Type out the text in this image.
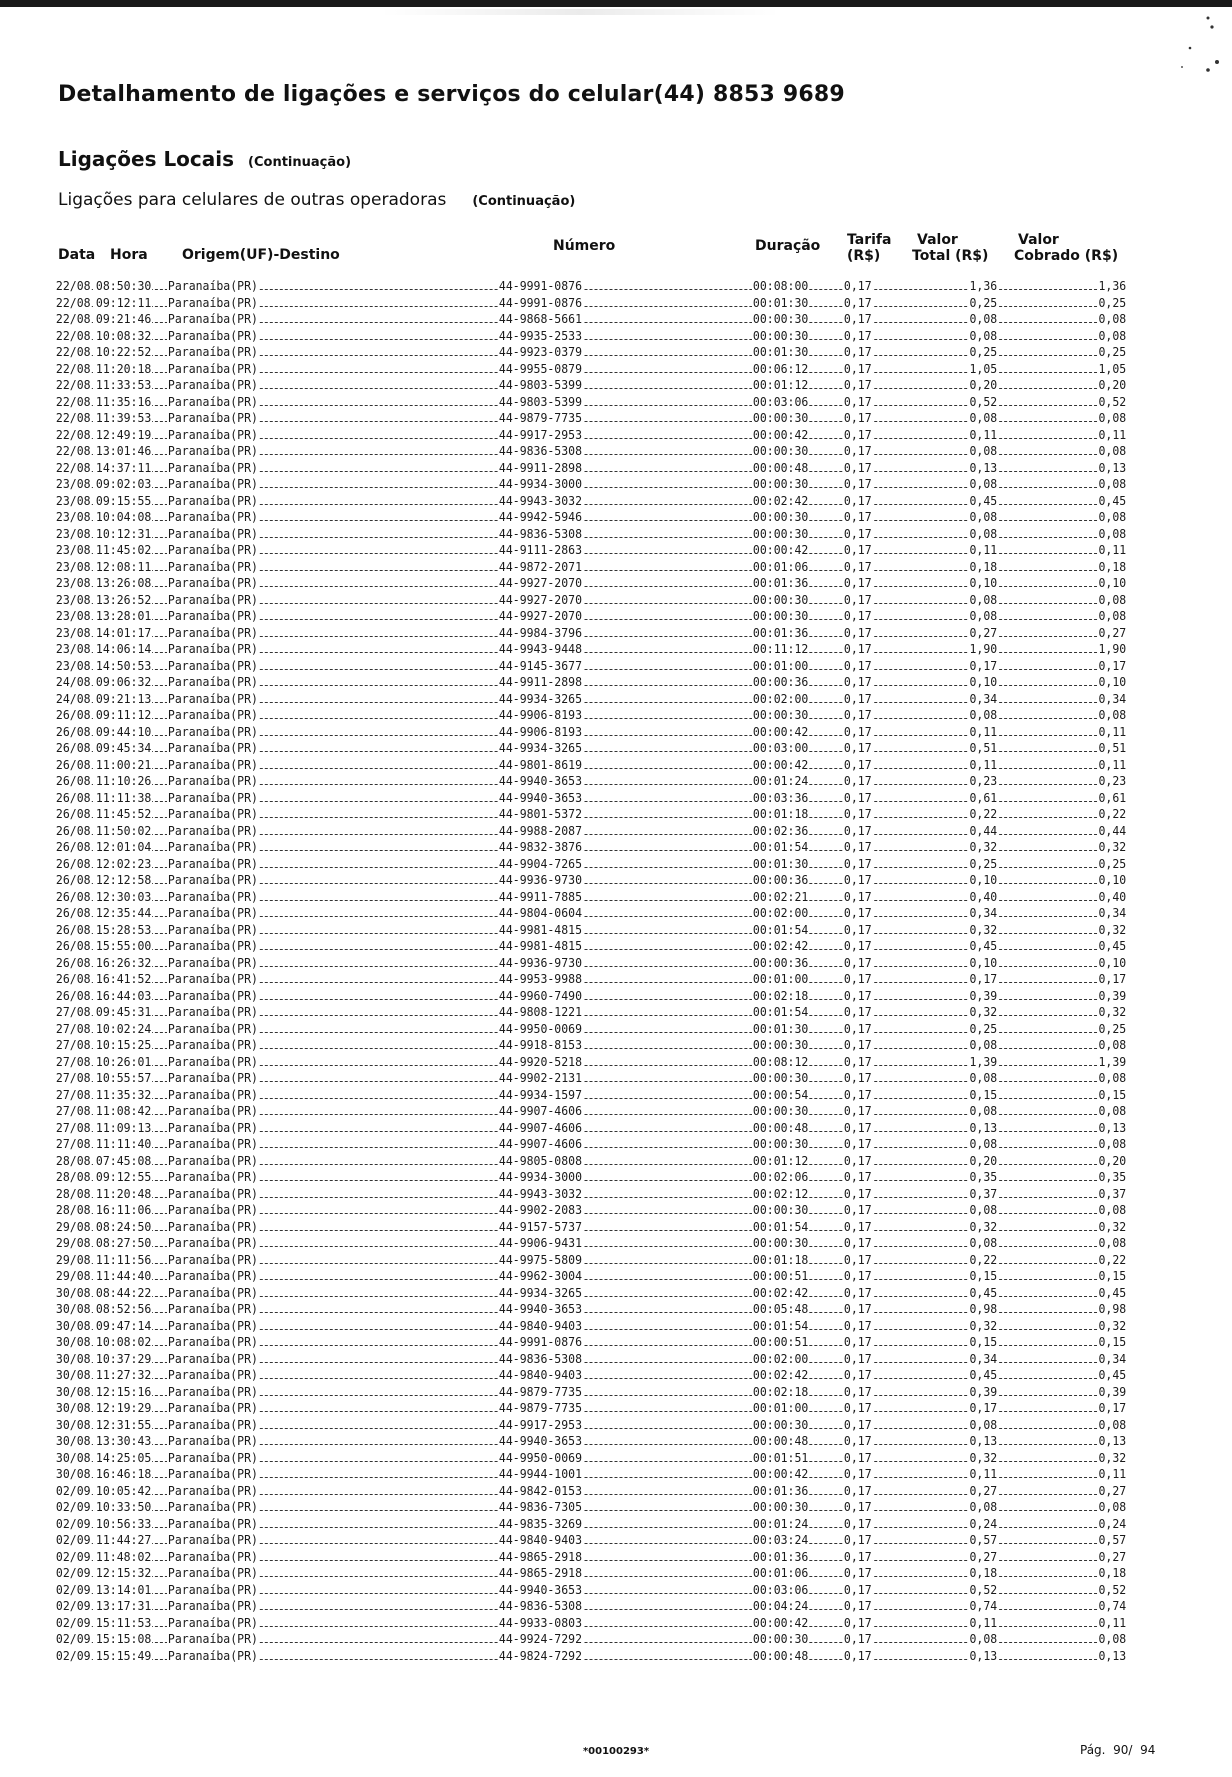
Detalhamento de ligações e serviços do celular(44) 8853 9689
Ligações Locais (Continuação)
Ligações para celulares de outras operadoras (Continuação)
Data Hora Origem(UF)-Destino
Número	Duração Tarifa
(R$)
Valor
Total (R$)
Valor
Cobrado (R$)
22/08 08:50:30 Paranaíba(PR)	44-9991-0876	00:08:00	0,17	1,36	1,36
22/08 09:12:11 Paranaíba(PR)	44-9991-0876	00:01:30	0,17	0,25	0,25
22/08 09:21:46 Paranaíba(PR)	44-9868-5661	00:00:30	0,17	0,08	0,08
22/08 10:08:32 Paranaíba(PR)	44-9935-2533	00:00:30	0,17	0,08	0,08
22/08 10:22:52 Paranaíba(PR)	44-9923-0379	00:01:30	0,17	0,25	0,25
22/08 11:20:18 Paranaíba(PR)	44-9955-0879	00:06:12	0,17	1,05	1,05
22/08 11:33:53 Paranaíba(PR)	44-9803-5399	00:01:12	0,17	0,20	0,20
22/08 11:35:16 Paranaíba(PR)	44-9803-5399	00:03:06	0,17	0,52	0,52
22/08 11:39:53 Paranaíba(PR)	44-9879-7735	00:00:30	0,17	0,08	0,08
22/08 12:49:19 Paranaíba(PR)	44-9917-2953	00:00:42	0,17	0,11	0,11
22/08 13:01:46 Paranaíba(PR)	44-9836-5308	00:00:30	0,17	0,08	0,08
22/08 14:37:11 Paranaíba(PR)	44-9911-2898	00:00:48	0,17	0,13	0,13
23/08 09:02:03 Paranaíba(PR)	44-9934-3000	00:00:30	0,17	0,08	0,08
23/08 09:15:55 Paranaíba(PR)	44-9943-3032	00:02:42	0,17	0,45	0,45
23/08 10:04:08 Paranaíba(PR)	44-9942-5946	00:00:30	0,17	0,08	0,08
23/08 10:12:31 Paranaíba(PR)	44-9836-5308	00:00:30	0,17	0,08	0,08
23/08 11:45:02 Paranaíba(PR)	44-9111-2863	00:00:42	0,17	0,11	0,11
23/08 12:08:11 Paranaíba(PR)	44-9872-2071	00:01:06	0,17	0,18	0,18
23/08 13:26:08 Paranaíba(PR)	44-9927-2070	00:01:36	0,17	0,10	0,10
23/08 13:26:52 Paranaíba(PR)	44-9927-2070	00:00:30	0,17	0,08	0,08
23/08 13:28:01 Paranaíba(PR)	44-9927-2070	00:00:30	0,17	0,08	0,08
23/08 14:01:17 Paranaíba(PR)	44-9984-3796	00:01:36	0,17	0,27	0,27
23/08 14:06:14 Paranaíba(PR)	44-9943-9448	00:11:12	0,17	1,90	1,90
23/08 14:50:53 Paranaíba(PR)	44-9145-3677	00:01:00	0,17	0,17	0,17
24/08 09:06:32 Paranaíba(PR)	44-9911-2898	00:00:36	0,17	0,10	0,10
24/08 09:21:13 Paranaíba(PR)	44-9934-3265	00:02:00	0,17	0,34	0,34
26/08 09:11:12 Paranaíba(PR)	44-9906-8193	00:00:30	0,17	0,08	0,08
26/08 09:44:10 Paranaíba(PR)	44-9906-8193	00:00:42	0,17	0,11	0,11
26/08 09:45:34 Paranaíba(PR)	44-9934-3265	00:03:00	0,17	0,51	0,51
26/08 11:00:21 Paranaíba(PR)	44-9801-8619	00:00:42	0,17	0,11	0,11
26/08 11:10:26 Paranaíba(PR)	44-9940-3653	00:01:24	0,17	0,23	0,23
26/08 11:11:38 Paranaíba(PR)	44-9940-3653	00:03:36	0,17	0,61	0,61
26/08 11:45:52 Paranaíba(PR)	44-9801-5372	00:01:18	0,17	0,22	0,22
26/08 11:50:02 Paranaíba(PR)	44-9988-2087	00:02:36	0,17	0,44	0,44
26/08 12:01:04 Paranaíba(PR)	44-9832-3876	00:01:54	0,17	0,32	0,32
26/08 12:02:23 Paranaíba(PR)	44-9904-7265	00:01:30	0,17	0,25	0,25
26/08 12:12:58 Paranaíba(PR)	44-9936-9730	00:00:36	0,17	0,10	0,10
26/08 12:30:03 Paranaíba(PR)	44-9911-7885	00:02:21	0,17	0,40	0,40
26/08 12:35:44 Paranaíba(PR)	44-9804-0604	00:02:00	0,17	0,34	0,34
26/08 15:28:53 Paranaíba(PR)	44-9981-4815	00:01:54	0,17	0,32	0,32
26/08 15:55:00 Paranaíba(PR)	44-9981-4815	00:02:42	0,17	0,45	0,45
26/08 16:26:32 Paranaíba(PR)	44-9936-9730	00:00:36	0,17	0,10	0,10
26/08 16:41:52 Paranaíba(PR)	44-9953-9988	00:01:00	0,17	0,17	0,17
26/08 16:44:03 Paranaíba(PR)	44-9960-7490	00:02:18	0,17	0,39	0,39
27/08 09:45:31 Paranaíba(PR)	44-9808-1221	00:01:54	0,17	0,32	0,32
27/08 10:02:24 Paranaíba(PR)	44-9950-0069	00:01:30	0,17	0,25	0,25
27/08 10:15:25 Paranaíba(PR)	44-9918-8153	00:00:30	0,17	0,08	0,08
27/08 10:26:01 Paranaíba(PR)	44-9920-5218	00:08:12	0,17	1,39	1,39
27/08 10:55:57 Paranaíba(PR)	44-9902-2131	00:00:30	0,17	0,08	0,08
27/08 11:35:32 Paranaíba(PR)	44-9934-1597	00:00:54	0,17	0,15	0,15
27/08 11:08:42 Paranaíba(PR)	44-9907-4606	00:00:30	0,17	0,08	0,08
27/08 11:09:13 Paranaíba(PR)	44-9907-4606	00:00:48	0,17	0,13	0,13
27/08 11:11:40 Paranaíba(PR)	44-9907-4606	00:00:30	0,17	0,08	0,08
28/08 07:45:08 Paranaíba(PR)	44-9805-0808	00:01:12	0,17	0,20	0,20
28/08 09:12:55 Paranaíba(PR)	44-9934-3000	00:02:06	0,17	0,35	0,35
28/08 11:20:48 Paranaíba(PR)	44-9943-3032	00:02:12	0,17	0,37	0,37
28/08 16:11:06 Paranaíba(PR)	44-9902-2083	00:00:30	0,17	0,08	0,08
29/08 08:24:50 Paranaíba(PR)	44-9157-5737	00:01:54	0,17	0,32	0,32
29/08 08:27:50 Paranaíba(PR)	44-9906-9431	00:00:30	0,17	0,08	0,08
29/08 11:11:56 Paranaíba(PR)	44-9975-5809	00:01:18	0,17	0,22	0,22
29/08 11:44:40 Paranaíba(PR)	44-9962-3004	00:00:51	0,17	0,15	0,15
30/08 08:44:22 Paranaíba(PR)	44-9934-3265	00:02:42	0,17	0,45	0,45
30/08 08:52:56 Paranaíba(PR)	44-9940-3653	00:05:48	0,17	0,98	0,98
30/08 09:47:14 Paranaíba(PR)	44-9840-9403	00:01:54	0,17	0,32	0,32
30/08 10:08:02 Paranaíba(PR)	44-9991-0876	00:00:51	0,17	0,15	0,15
30/08 10:37:29 Paranaíba(PR)	44-9836-5308	00:02:00	0,17	0,34	0,34
30/08 11:27:32 Paranaíba(PR)	44-9840-9403	00:02:42	0,17	0,45	0,45
30/08 12:15:16 Paranaíba(PR)	44-9879-7735	00:02:18	0,17	0,39	0,39
30/08 12:19:29 Paranaíba(PR)	44-9879-7735	00:01:00	0,17	0,17	0,17
30/08 12:31:55 Paranaíba(PR)	44-9917-2953	00:00:30	0,17	0,08	0,08
30/08 13:30:43 Paranaíba(PR)	44-9940-3653	00:00:48	0,17	0,13	0,13
30/08 14:25:05 Paranaíba(PR)	44-9950-0069	00:01:51	0,17	0,32	0,32
30/08 16:46:18 Paranaíba(PR)	44-9944-1001	00:00:42	0,17	0,11	0,11
02/09 10:05:42 Paranaíba(PR)	44-9842-0153	00:01:36	0,17	0,27	0,27
02/09 10:33:50 Paranaíba(PR)	44-9836-7305	00:00:30	0,17	0,08	0,08
02/09 10:56:33 Paranaíba(PR)	44-9835-3269	00:01:24	0,17	0,24	0,24
02/09 11:44:27 Paranaíba(PR)	44-9840-9403	00:03:24	0,17	0,57	0,57
02/09 11:48:02 Paranaíba(PR)	44-9865-2918	00:01:36	0,17	0,27	0,27
02/09 12:15:32 Paranaíba(PR)	44-9865-2918	00:01:06	0,17	0,18	0,18
02/09 13:14:01 Paranaíba(PR)	44-9940-3653	00:03:06	0,17	0,52	0,52
02/09 13:17:31 Paranaíba(PR)	44-9836-5308	00:04:24	0,17	0,74	0,74
02/09 15:11:53 Paranaíba(PR)	44-9933-0803	00:00:42	0,17	0,11	0,11
02/09 15:15:08 Paranaíba(PR)	44-9924-7292	00:00:30	0,17	0,08	0,08
02/09 15:15:49 Paranaíba(PR)	44-9824-7292	00:00:48	0,17	0,13	0,13
*00100293*	Pág. 90/ 94
